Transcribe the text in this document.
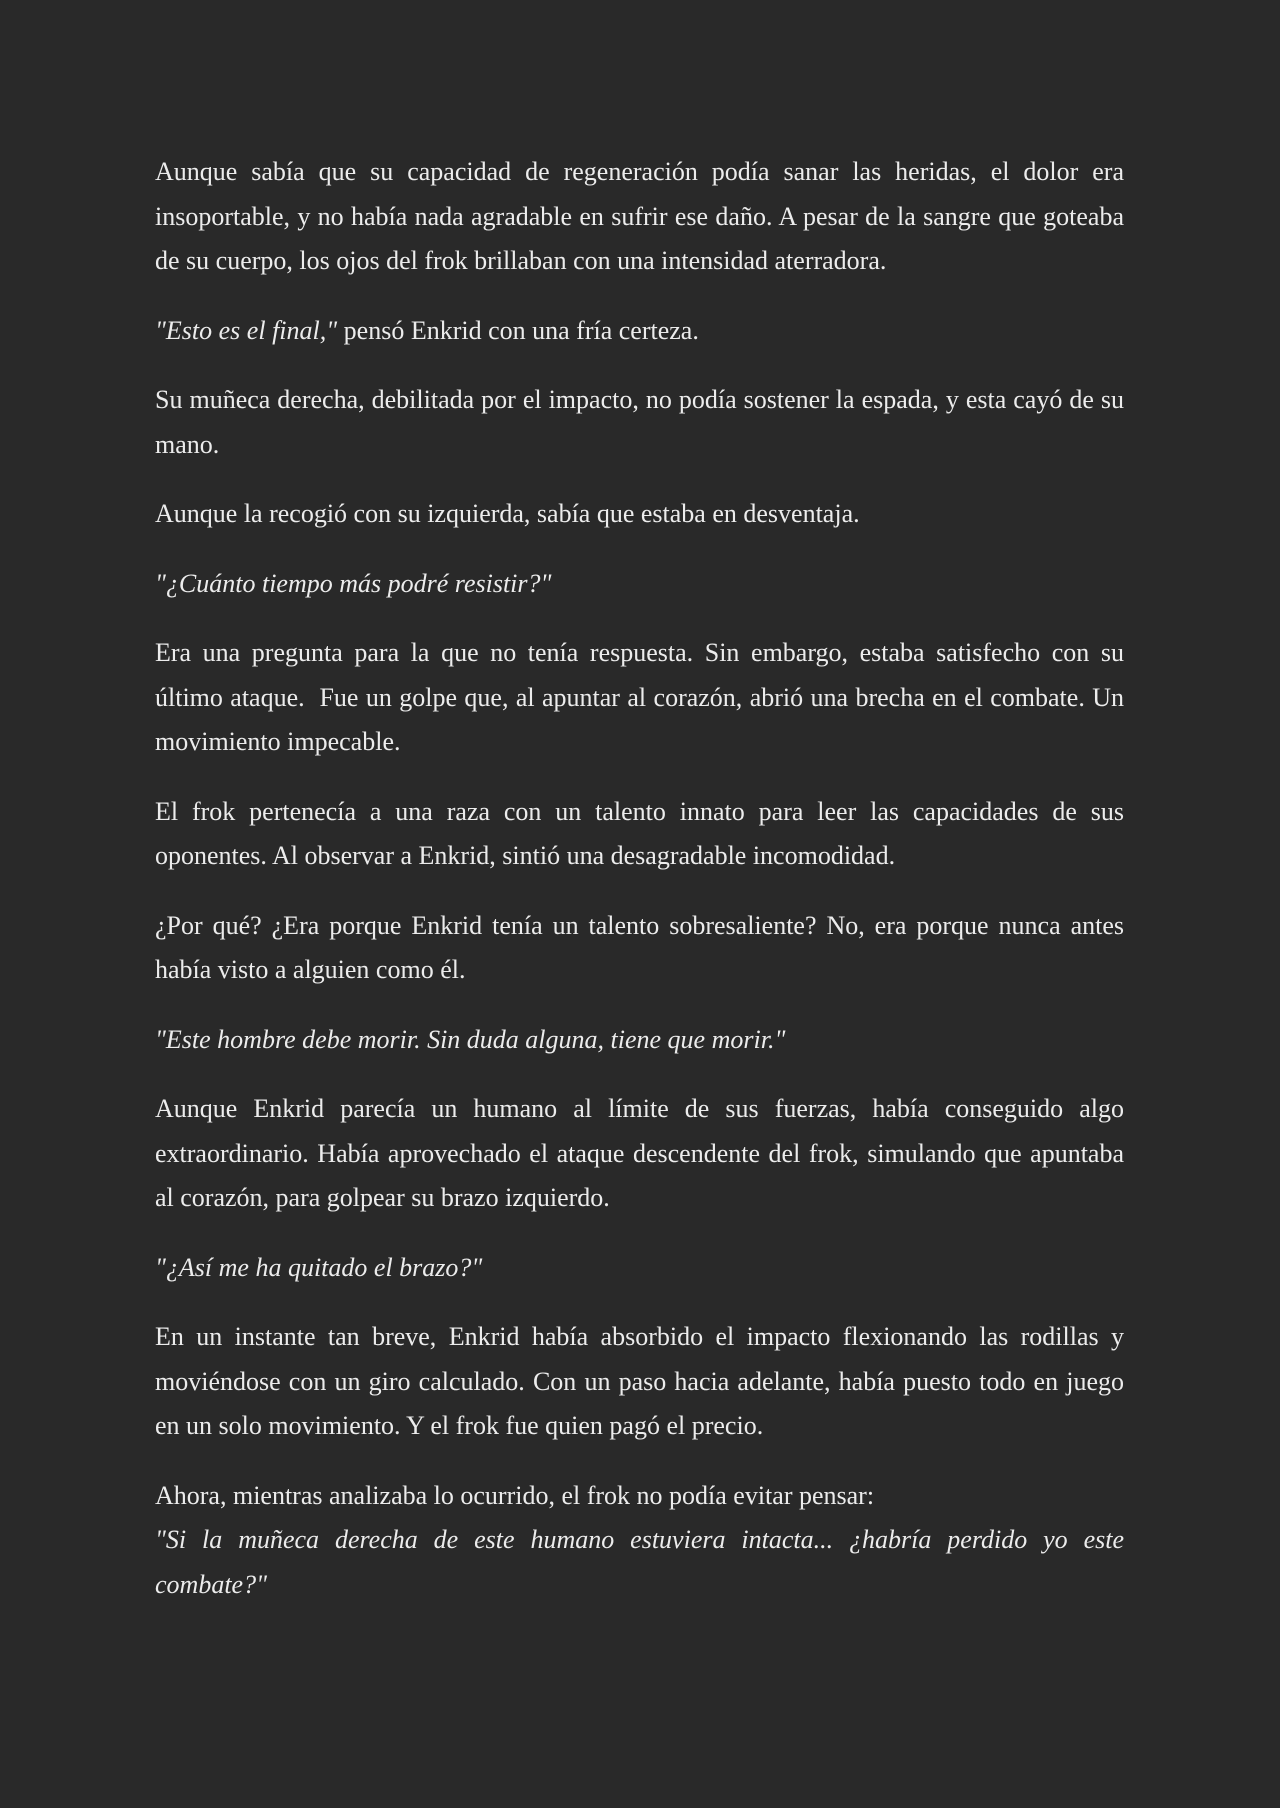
Aunque sabía que su capacidad de regeneración podía sanar las heridas, el dolor era insoportable, y no había nada agradable en sufrir ese daño. A pesar de la sangre que goteaba de su cuerpo, los ojos del frok brillaban con una intensidad aterradora.

"Esto es el final," pensó Enkrid con una fría certeza.

Su muñeca derecha, debilitada por el impacto, no podía sostener la espada, y esta cayó de su mano.

Aunque la recogió con su izquierda, sabía que estaba en desventaja.

"¿Cuánto tiempo más podré resistir?"

Era una pregunta para la que no tenía respuesta. Sin embargo, estaba satisfecho con su último ataque.  Fue un golpe que, al apuntar al corazón, abrió una brecha en el combate. Un movimiento impecable.

El frok pertenecía a una raza con un talento innato para leer las capacidades de sus oponentes. Al observar a Enkrid, sintió una desagradable incomodidad.

¿Por qué? ¿Era porque Enkrid tenía un talento sobresaliente? No, era porque nunca antes había visto a alguien como él.

"Este hombre debe morir. Sin duda alguna, tiene que morir."

Aunque Enkrid parecía un humano al límite de sus fuerzas, había conseguido algo extraordinario. Había aprovechado el ataque descendente del frok, simulando que apuntaba al corazón, para golpear su brazo izquierdo.

"¿Así me ha quitado el brazo?"

En un instante tan breve, Enkrid había absorbido el impacto flexionando las rodillas y moviéndose con un giro calculado. Con un paso hacia adelante, había puesto todo en juego en un solo movimiento. Y el frok fue quien pagó el precio.

Ahora, mientras analizaba lo ocurrido, el frok no podía evitar pensar:

"Si la muñeca derecha de este humano estuviera intacta... ¿habría perdido yo este combate?"
